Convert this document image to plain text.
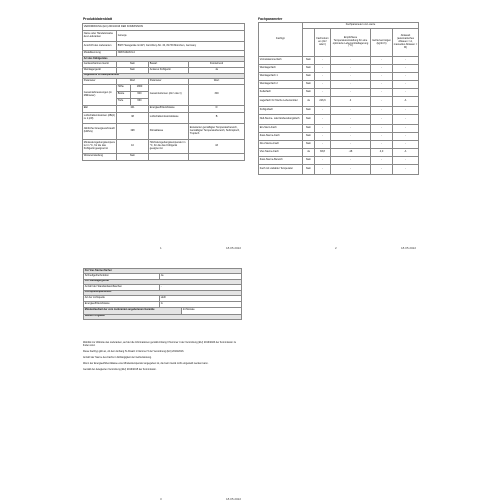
Produktdatenblatt
VERORDNUNG (EU) 2019/2016 DER KOMMISSION				
Name oder Handelsmarke des Lieferanten	Gorenje			
Anschrift des Lieferanten	BSH Hausgeräte GmbH, Carl-Wery-Str. 34, 81739 München, Germany			
Modellkennung	NRK6192AXL4			
Art des Kühlgerätes				
Geräuscharmes Gerät	Nein		Bauart	Freistehend
Weinlagergerät	Nein		Anderes Kühlgerät	Ja
Allgemeine Produktparameter				
Parameter	Wert		Parameter	Wert
Gesamtabmessungen (in Millimeter)	Höhe	1860	Gesamtvolumen (dm³ oder l)	300
	Breite	600		
	Tiefe	660		
EEI	101		Energieeffizienzklasse	D
Luftschallemissionen (dB(A) re 1 pW)	38		Luftschallemissionsklasse	B
Jährlicher Energieverbrauch (kWh/a)	198		Klimaklasse	Erweiterter gemäßigter Temperaturbereich, Gemäßigter Temperaturbereich, Subtropisch, Tropisch
Mindestumgebungstemperatur in °C, für die das Kühlgerät geeignet ist	10		Höchstumgebungstemperatur in °C, für die das Kühlgerät geeignet ist	43
Wintereinstellung	Nein			
1	18.05.2022
Fachparameter
Fachtyp	Fachparameter und -werte				
		Fachvolumen (dm³ oder l)	Empfohlene Temperatureinstellung für eine optimierte Lebensmittellagerung (°C)	Gefriervermögen (kg/24 h)	Abtauart (automatisches Abtauen = A, manuelles Abtauen = M)
Vorratskammerfach	Nein	-	-	-	-
Weinlagerfach	Nein	-	-	-	-
Weinlagerfach 1	Nein	-	-	-	-
Weinlagerfach 2	Nein	-	-	-	-
Kellerfach	Nein	-	-	-	-
Lagerfach für frische Lebensmittel	Ja	216,6	4	-	A
Kühlgutfach	Nein	-	-	-	-
Null-Sterne- oder Eisbereitungsfach	Nein	-	-	-	-
Ein-Stern-Fach	Nein	-	-	-	-
Zwei-Sterne-Fach	Nein	-	-	-	-
Drei-Sterne-Fach	Nein	-	-	-	-
Vier-Sterne-Fach	Ja	83,8	-18	4,0	A
Zwei-Sterne-Bereich	Nein	-	-	-	-
Fach mit variabler Temperatur	Nein	-	-	-	-
2	18.05.2022
Für Vier-Sterne-Fächer		
Schnellgefrierfunktion	Ja	
Für Weinlagergeräte		
Anzahl der Standardweinflaschen	-	
Lichtquellenparameter		
Art der Lichtquelle	LED	
Energieeffizienzklasse	G	
Mindestlaufzeit der vom Lieferanten angebotenen Garantie		24 Monate
Weitere Angaben		

Weblink zur Website des Lieferanten, auf der die Informationen gemäß Anhang II Nummer 4 der Verordnung (EU) 2019/2023 der Kommission zu finden sind.

Diese Fachtyp gibt an, ob dem Anhang IV Absatz 1 Nummer 5 der Verordnung (EU) 2019/2016.

Anzahl der Sterne des Fachs in Abhängigkeit der Gefrierleistung.

Wenn der Energieeffizienzklasse eine Mindesttemperatur angegeben ist, die beim Gerät nicht eingestellt werden kann.

Gemäß der delegierten Verordnung (EU) 2019/2015 der Kommission.

3	18.05.2022
